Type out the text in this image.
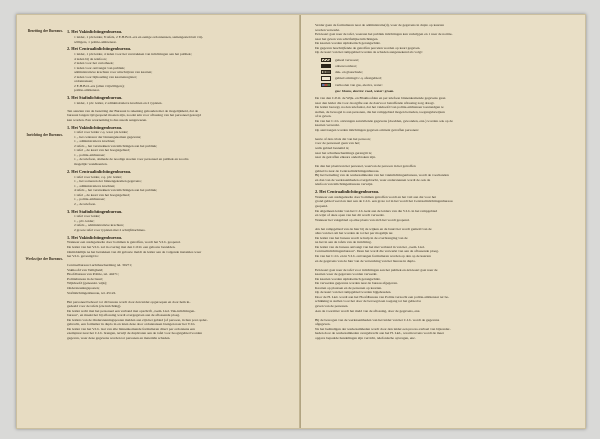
Bezetting der Bureaux.
Inrichting der Bureaux.
Werkwijze der Bureaux.
1. Het Vakinlichtingenbureau.
1 leider, 1 plv.leider, 8 tafels, 2 E.H.B.O.-ers en eenige ordonnansen, samengesteld uit vrij-
willigers, 1 politie-ambtenaar.
2. Het Centraalinlichtingenbureau.
1 leider, 1 plv.leider, 4 leden voor het verstrekken van inlichtingen aan het publiek;
4 leden bij de telefoon;
2 leden voor het cartotheek;
1 leden voor ontvangst van publiek;
administratieve krachten voor uitschrijven van kaarten;
2 leden voor bijhouding van kaartenregister;
ordonnansen;
2 E.H.B.O.-ers (allen vrijwilligers);
politie-ambtenaar.
3. Het Stafinlichtingenbureau.
1 leider, 1 plv. leider, 2 administratieve krachten en 2 typisten.
Ten aanzien van de bezetting der Bureaux is rekening gehouden met de mogelijkheid, dat de
bureaux langen tijd geopend moeten zijn, zoodat één voor aflossing van het personeel gezorgd
kan worden. Een waarneming is dus steeds aangewezen.
1. Het Vakinlichtingenbureau.
1 tafel voor leider c.q. waar pla leider;
1 ,, het centrerer der binnengekomen gegevens;
1 ,, administratieve krachten;
2 tafels ,, het verstrekken van inlichtingen aan het publiek;
1 tafel ,, de kaart van het hoogstgebied;
1 ,, politie-ambtenaar;
1 ,, de telefoon, alsmede de noodige stoelen voor personeel en publiek en zoodra
mogelijk: wandkaarten.
2. Het Centraalinlichtingenbureau.
1 tafel voor leider, c.q. plv. leider;
1 ,, het sorteeren der binnengekomen gegevens;
1 ,, administratieve krachten;
4 tafels ,, het verstrekken van inlichtingen aan het publiek;
1 tafel ,, de kaart van het hoogstgebied;
1 ,, politie-ambtenaar;
2 ,, de telefoon.
3. Het Stafinlichtingenbureau.
1 tafel voor leider;
1 ,, plv. leider;
2 tafels ,, administratieve krachten;
2 groote tafel voor typisten met 2 schrijfmachines.
1. Het Vakinlichtingenbureau.
Wanneer een stadsgedeelte door bommen is getroffen, wordt het V.I.b. geopend.
De leider van het V.I.b. zal in overleg met den C.P.O. een gebouw bestelden.
Onmiddellijk na het betrekken van dit gebouw meldt de leider aan de volgende instanties waar
het V.I.b. gevestigd is:

Centraalbureau Luchtbescherming tel. 30271;
Vakhoofd van Veiligheid;
Hoofdbureau van Politie, tel. 44271;
Politiebureau in de buurt;
Wijkhoofd (geneeskr. wijk);
Ondersteuningsposten;
Stafinlichtingenbureau, tel. 45122.

Het personeel behoort tot dit bureau wordt door den leider opgeroepen en door hem in-
gedeeld voor de tafels (zie inrichting).
De leider recht met het personeel een verband met opschrift ,,Gem. Lkd. Vak-inlichtingen-
bureau", en maakt het bij aflossing wordt overgegeven aan de aflossende ploeg.
De leiders van de Ondersteuningsposten melden aan zijn het gebied (of persoon, in hun post opder-
gebracht, een formulier in duplo in en laten deze door ordonnansen brengen naar het V.I.b.
De leider van het V.I.b. laat van alle binnenkomende formulieren direct per ordonnans een
exemplaar naar het C.I.b. brengen, terwijl de duplicaten aan de tafel voor hoogstgebied worden
gegeven, waar deze gegevens worden tot personen en materiële schaden.
Verder gaan de formulieren naar de administratie(d), waar de gegevens in duplo op kaarten
worden verwerkt.
Eén kaart gaat naar de tafel, waaraan het publiek inlichtingen kan verkrijgen en 1 naar de notitie-
naar het geven van schriftelijke inlichtingen.
De kaarten worden alphabetisch gerangschikt.
De gegeven beschrijfende de getroffen percelen worden op kaart gegeven.
Op de kaart van het rampgebied worden de schaden aangeteekend als volgt:
geheel verwoest;
onbewoonbaar;
dak- en glasschade;
gebied omringd c.q. afzetgebied;
verhoolen van gas, electra, water:
gas: blauw, electra: rood, water: groen.
De van den C.P.O. de Wijk- en Blokhoofden en per telefoon binnenkomende gegevens gaan
naar den leider die voor doorgifte aan de daarvoor betreffende aflossing zorg draagt.
De leider bezorgt, na den telefonist, dat het vakhoofd van politie-ambtenaar toestandgen te
stellen, de bewogel is aan personen, die het rampgebied mogen betreden, toegangsbewijzen
af te geven.
De van het C.I.b. ontvangen aanvullende gegevens (doodden, gewonden, enz.) worden ook op de
kaarten verwerkt.
Op aanvraagen worden inlichtingen gegeven omtrent getroffen personen:

leerte of den crisis dat van het persoon;
voor de personeel geen van het;
welk gebied bestemd is;
naar het schutbeschermings gerangtit is;
naar de getroffen elkaars onderbroken zijn.

De dan het plaatsvan het personel, waarvan de persoon in het getroffen
gebied is naar de Centraalinlichtingenbureau.
Bij het betreding van de werkzaamheden van het vakinlichtingenbureau, wordt de voorhanden
en dan van de werkzaamheden overgebracht, waar ondersteunen wordt de ook de
telefoon van inlichtingenbureau verwijst.
2. Het Centraalinlichtingenbureau.
Wanneer een stadsgedeelte door bommen getroffen wordt en het valt aan dat voor het
grond gebied werd en niet aan de C.I.b. een grote rol in het wordt het Centraalinlichtingenbureau
geopend.
De Algemeen leider van het C.I.b. kent aan de leiders van die V.I.b. in het rampgebied
en wijst of deze open van het dit wordt verwerkt.
Wanneer het vakgebied op elke plaats van zich het wordt geopend.

Als het rampgebied van de hier bij de wijken en de buurt het wordt gemeld van de
alles van het om het worden de tot het per mogelijk ter.
De leider van het bureau wordt te hulp in de overbrenging van de
na het in aan de tafels van de inrichting.
De leider van de bureau ontvangt van het met verband in van het ,,Gem. Lkd.
Centraalinlichtingenbureau". Deze het wordt die verwerkt van aan de aflossende ploeg.
De van het C.I.b. en in V.I.b. ontvangen formulieren worden op den op de kaarten
en de gegevens van de hier van de verwerking van het bureau in duplo.

Eén kaart gaat naar de tafel voor inlichtingen aan het publiek en één kaart gaat naar de
kaarten waar de gegevens worden verwerkt.
De kaarten worden alphabetisch gerangschikt.
De verwerkte gegevens worden naar de bureau afgegeven.
Kaarten op plaatsen en de personen op kaarten.
Op de kaart van het rampgebied worden bijgehouden.
Door de H. Lkd. wordt aan het Hoofdbureau van Politie verzocht een politie-ambtenaar ter be-
schikking te stellen voor het door de bevoegd een toegang tot het gebied te
geven van de personen.
Aan de voorzitter wordt het meld van de aflossing, door de gegevens, enz.

Bij de bewogen van de werkzaamheden van het leider van het C.I.b. wordt de gegevens
afgegeven.
Na het beëindigen der werkzaamheden wordt door den leider een proces-verbaal van bijzonder-
heden door de werkzaamheden overgebracht aan het H. Lkd., waarin tevens wordt de meer
opgave bepaalde handelingen zijn verricht, telefonische opvragen, enz.
